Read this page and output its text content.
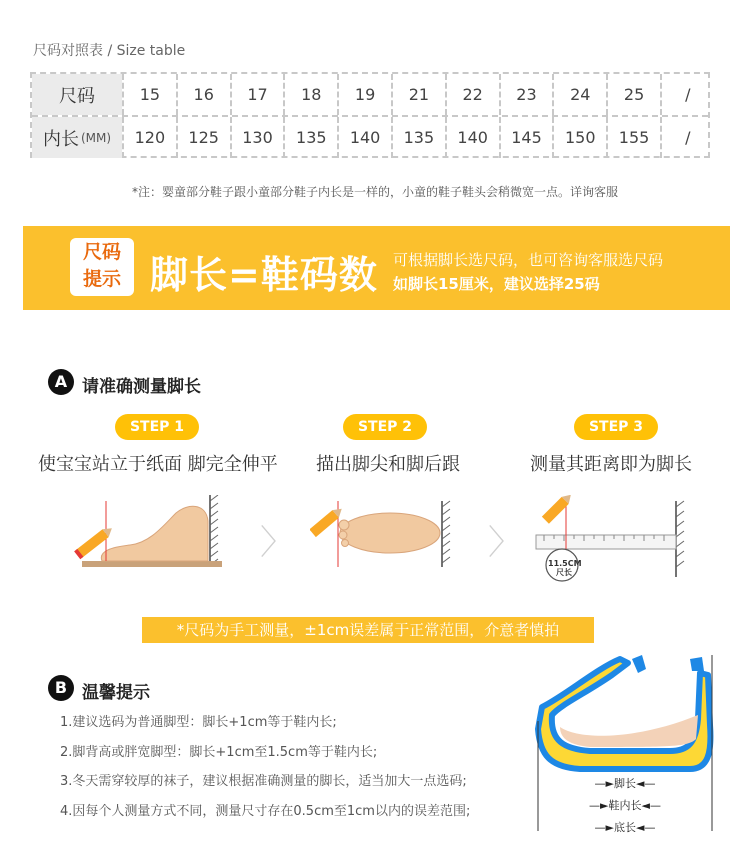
尺码对照表 / Size table
尺码	15	16	17	18	19	21	22	23	24	25	/
内长 (MM)	120	125	130	135	140	135	140	145	150	155	/
*注：婴童部分鞋子跟小童部分鞋子内长是一样的，小童的鞋子鞋头会稍微宽一点。详询客服
尺码
提示 脚长=鞋码数 可根据脚长选尺码，也可咨询客服选尺码
如脚长15厘米，建议选择25码
A 请准确测量脚长
STEP 1	STEP 2	STEP 3
使宝宝站立于纸面 脚完全伸平 描出脚尖和脚后跟	测量其距离即为脚长
〉	〉
11.5CM
尺长
*尺码为手工测量，±1cm误差属于正常范围，介意者慎拍
B 温馨提示
1.建议选码为普通脚型：脚长+1cm等于鞋内长;
2.脚背高或胖宽脚型：脚长+1cm至1.5cm等于鞋内长;
3.冬天需穿较厚的袜子，建议根据准确测量的脚长，适当加大一点选码;
4.因每个人测量方式不同，测量尺寸存在0.5cm至1cm以内的误差范围;
—►脚长◄—
—►鞋内长◄—
—►底长◄—
